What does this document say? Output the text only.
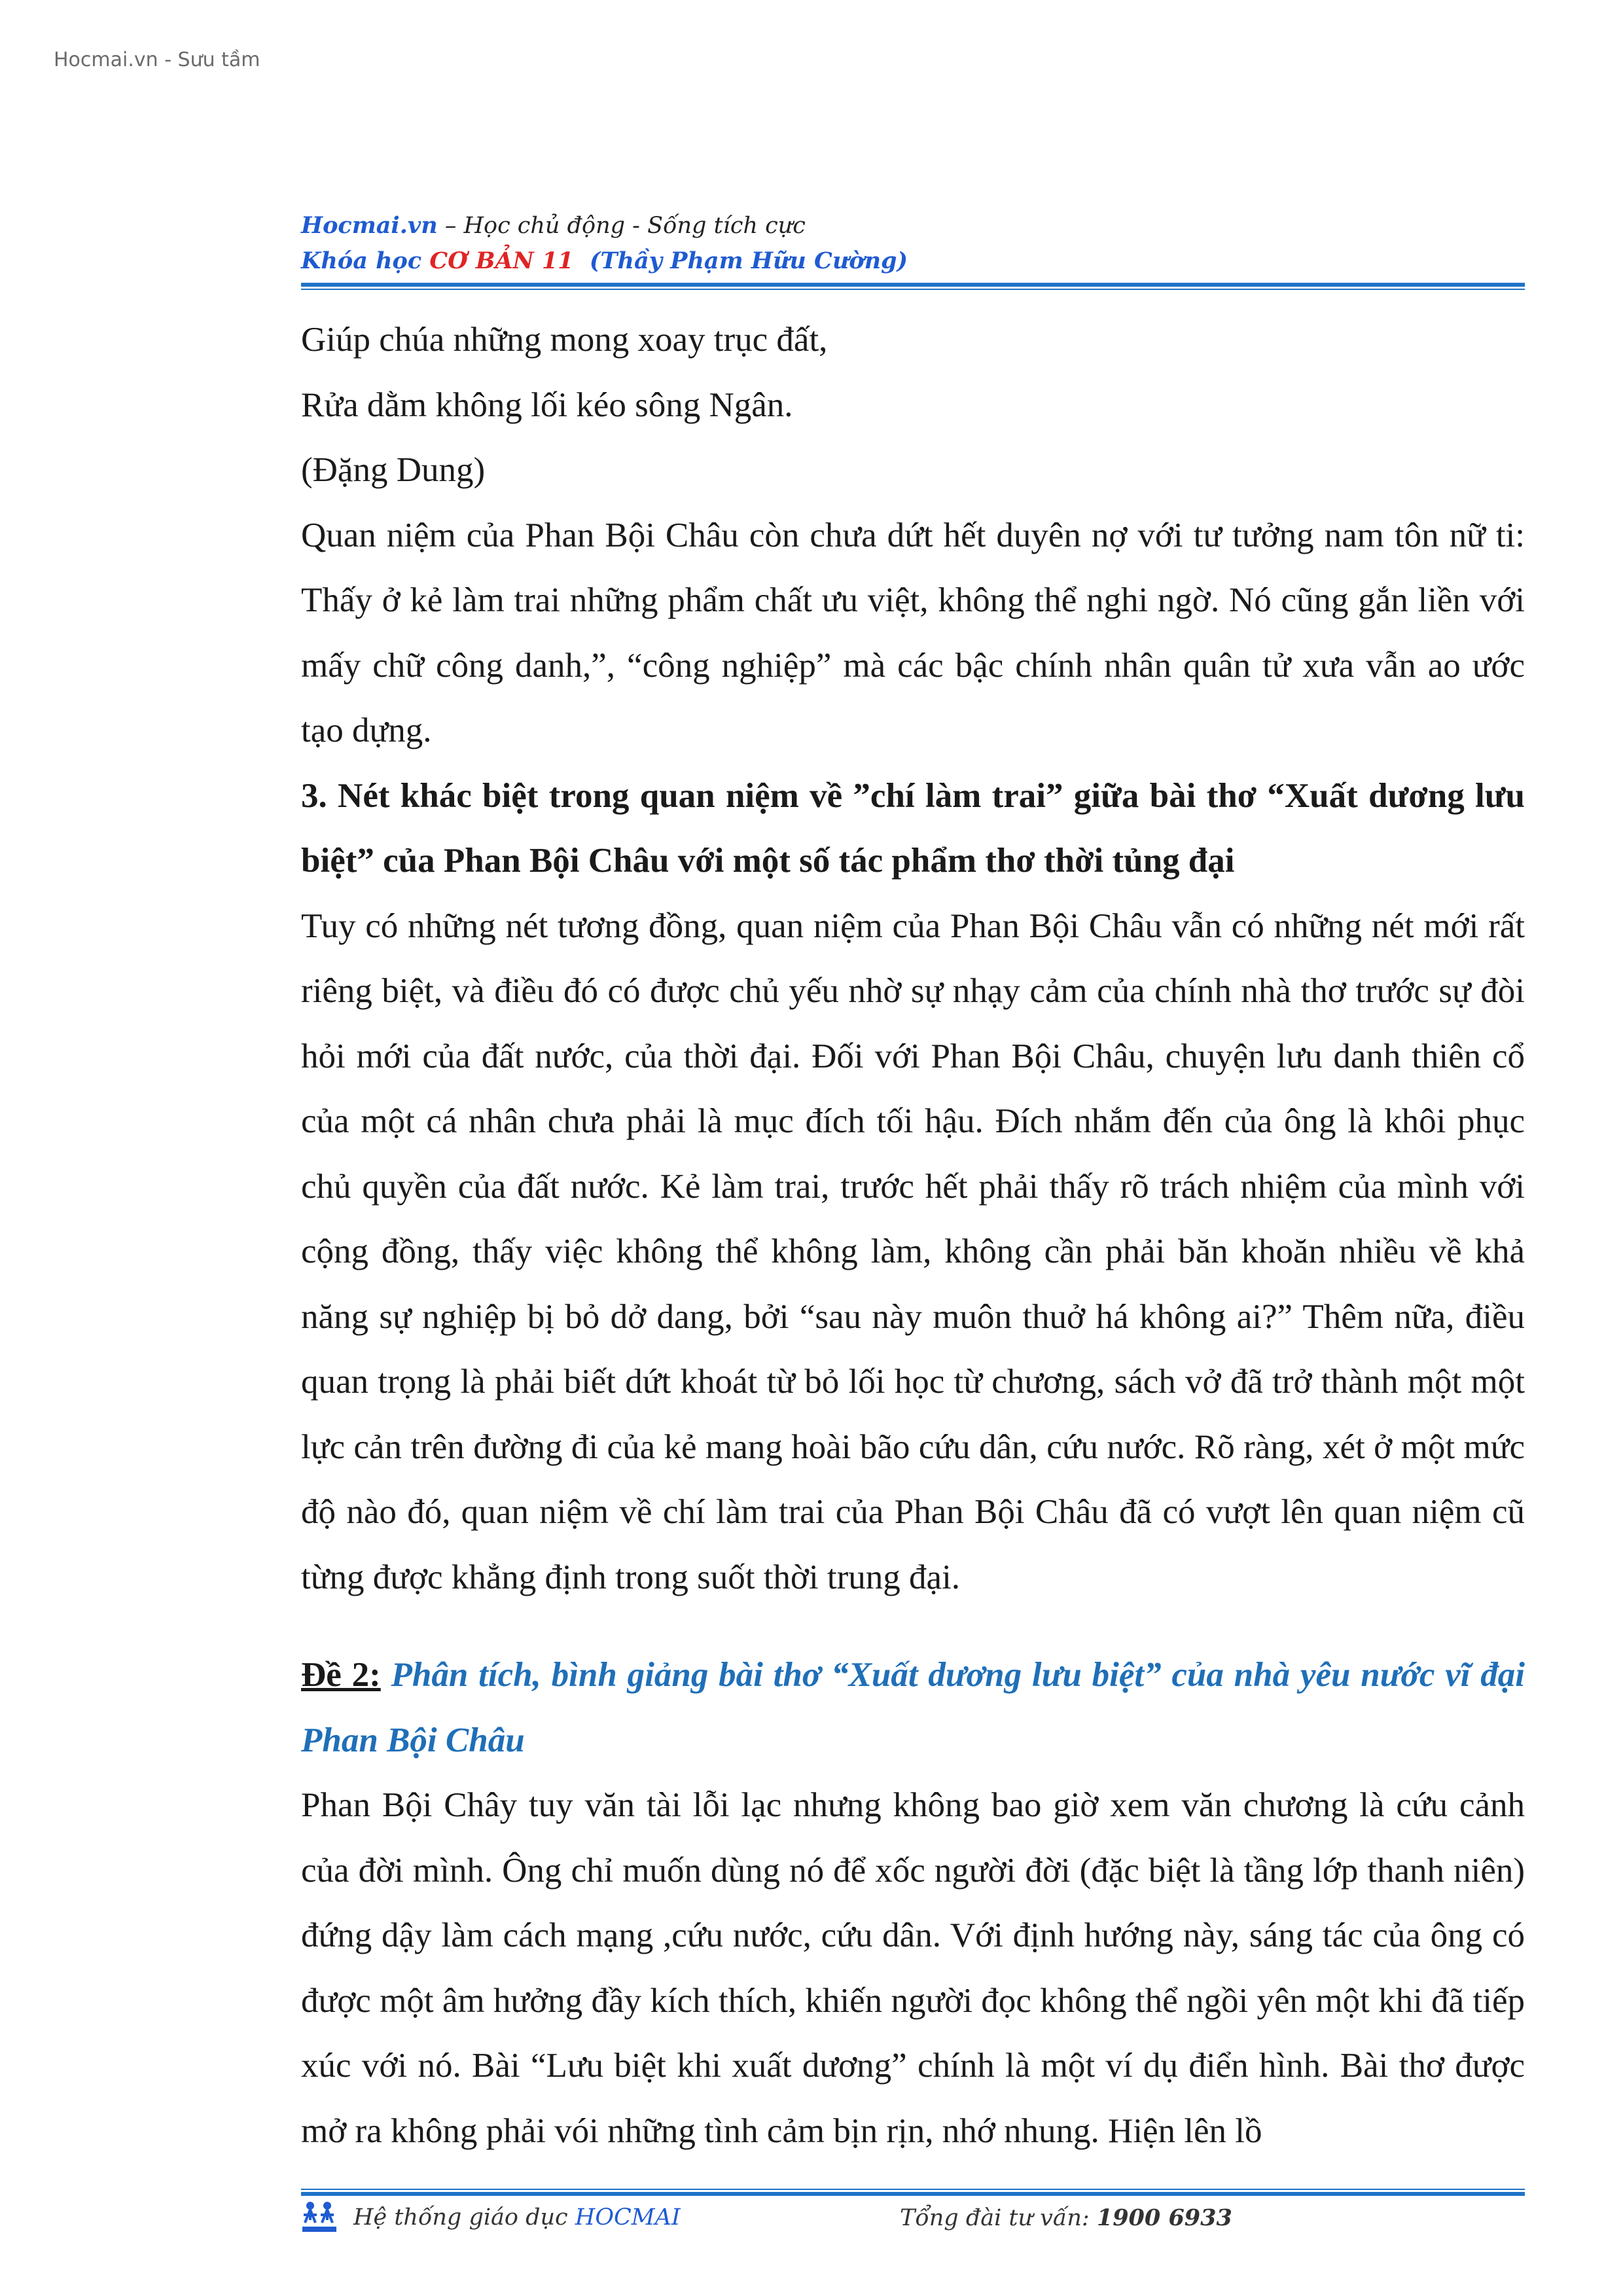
Hocmai.vn - Sưu tầm
Hocmai.vn – Học chủ động - Sống tích cực
Khóa học CƠ BẢN 11  (Thầy Phạm Hữu Cường)

Giúp chúa những mong xoay trục đất,

Rửa dằm không lối kéo sông Ngân.

(Đặng Dung)

Quan niệm của Phan Bội Châu còn chưa dứt hết duyên nợ với tư tưởng nam tôn nữ ti: Thấy ở kẻ làm trai những phẩm chất ưu việt, không thể nghi ngờ. Nó cũng gắn liền với mấy chữ công danh,”, “công nghiệp” mà các bậc chính nhân quân tử xưa vẫn ao ước tạo dựng.

3. Nét khác biệt trong quan niệm về ”chí làm trai” giữa bài thơ “Xuất dương lưu biệt” của Phan Bội Châu với một số tác phẩm thơ thời tủng đại

Tuy có những nét tương đồng, quan niệm của Phan Bội Châu vẫn có những nét mới rất riêng biệt, và điều đó có được chủ yếu nhờ sự nhạy cảm của chính nhà thơ trước sự đòi hỏi mới của đất nước, của thời đại. Đối với Phan Bội Châu, chuyện lưu danh thiên cổ của một cá nhân chưa phải là mục đích tối hậu. Đích nhắm đến của ông là khôi phục chủ quyền của đất nước. Kẻ làm trai, trước hết phải thấy rõ trách nhiệm của mình với cộng đồng, thấy việc không thể không làm, không cần phải băn khoăn nhiều về khả năng sự nghiệp bị bỏ dở dang, bởi “sau này muôn thuở há không ai?” Thêm nữa, điều quan trọng là phải biết dứt khoát từ bỏ lối học từ chương, sách vở đã trở thành một một lực cản trên đường đi của kẻ mang hoài bão cứu dân, cứu nước. Rõ ràng, xét ở một mức độ nào đó, quan niệm về chí làm trai của Phan Bội Châu đã có vượt lên quan niệm cũ từng được khẳng định trong suốt thời trung đại.

Đề 2: Phân tích, bình giảng bài thơ “Xuất dương lưu biệt” của nhà yêu nước vĩ đại Phan Bội Châu

Phan Bội Chây tuy văn tài lỗi lạc nhưng không bao giờ xem văn chương là cứu cảnh của đời mình. Ông chỉ muốn dùng nó để xốc người đời (đặc biệt là tầng lớp thanh niên) đứng dậy làm cách mạng ,cứu nước, cứu dân. Với định hướng này, sáng tác của ông có được một âm hưởng đầy kích thích, khiến người đọc không thể ngồi yên một khi đã tiếp xúc với nó. Bài “Lưu biệt khi xuất dương” chính là một ví dụ điển hình. Bài thơ được mở ra không phải vói những tình cảm bịn rịn, nhớ nhung. Hiện lên lồ

Hệ thống giáo dục HOCMAI	Tổng đài tư vấn: 1900 6933
